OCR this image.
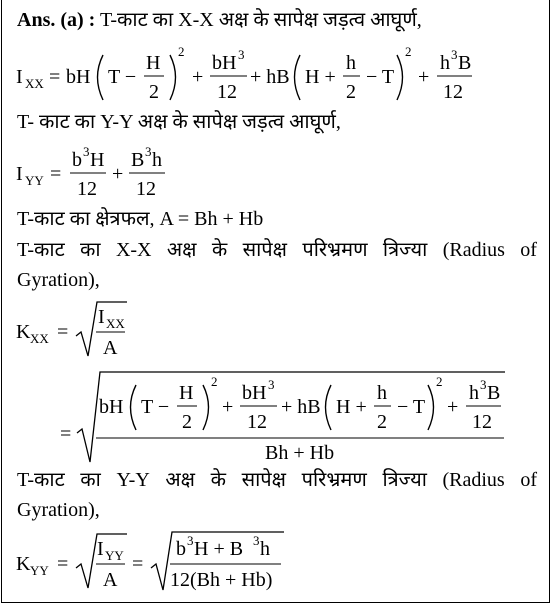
Ans. (a) : T-काट का X-X अक्ष के सापेक्ष जड़त्व आघूर्ण,
I XX = bH T −
H
2
2
+
bH 3
12
+ hB H +
h
2
− T
2
+
h 3 B
12
I YY =
b 3 H
12
+
B 3 h
12
K XX =
I XX
A
=
bH T −
H
2
2
+
bH 3
12
+ hB H +
h
2
− T
2
+
h 3 B
12
Bh + Hb
K YY =
I YY
A
=
b 3 H + B 3 h
12(Bh + Hb)
T- काट का Y-Y अक्ष के सापेक्ष जड़त्व आघूर्ण,
T-काट का क्षेत्रफल, A = Bh + Hb
T-काट का X-X अक्ष के सापेक्ष परिभ्रमण त्रिज्या (Radius of
Gyration),
T-काट का Y-Y अक्ष के सापेक्ष परिभ्रमण त्रिज्या (Radius of
Gyration),
